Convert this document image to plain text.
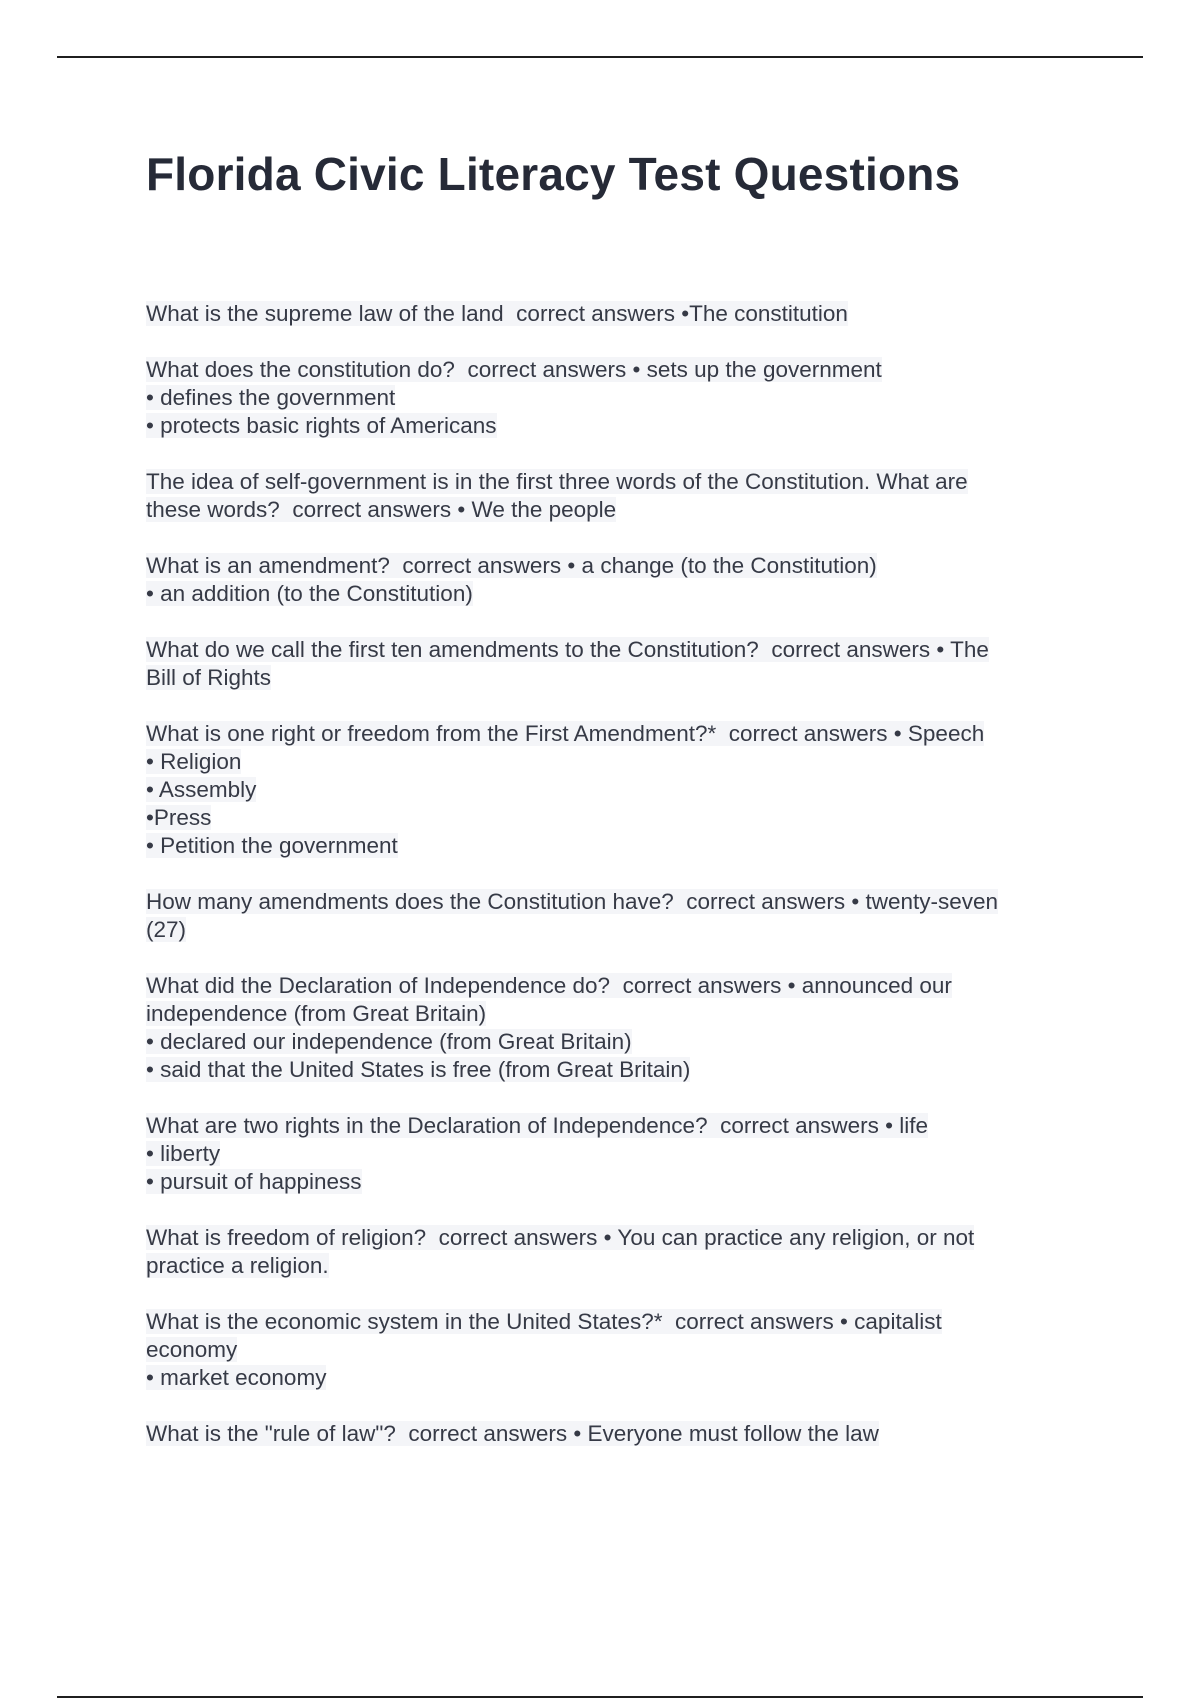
Florida Civic Literacy Test Questions
What is the supreme law of the land  correct answers •The constitution
What does the constitution do?  correct answers • sets up the government
• defines the government
• protects basic rights of Americans
The idea of self-government is in the first three words of the Constitution. What are
these words?  correct answers • We the people
What is an amendment?  correct answers • a change (to the Constitution)
• an addition (to the Constitution)
What do we call the first ten amendments to the Constitution?  correct answers • The
Bill of Rights
What is one right or freedom from the First Amendment?*  correct answers • Speech
• Religion
• Assembly
•Press
• Petition the government
How many amendments does the Constitution have?  correct answers • twenty-seven
(27)
What did the Declaration of Independence do?  correct answers • announced our
independence (from Great Britain)
• declared our independence (from Great Britain)
• said that the United States is free (from Great Britain)
What are two rights in the Declaration of Independence?  correct answers • life
• liberty
• pursuit of happiness
What is freedom of religion?  correct answers • You can practice any religion, or not
practice a religion.
What is the economic system in the United States?*  correct answers • capitalist
economy
• market economy
What is the "rule of law"?  correct answers • Everyone must follow the law
